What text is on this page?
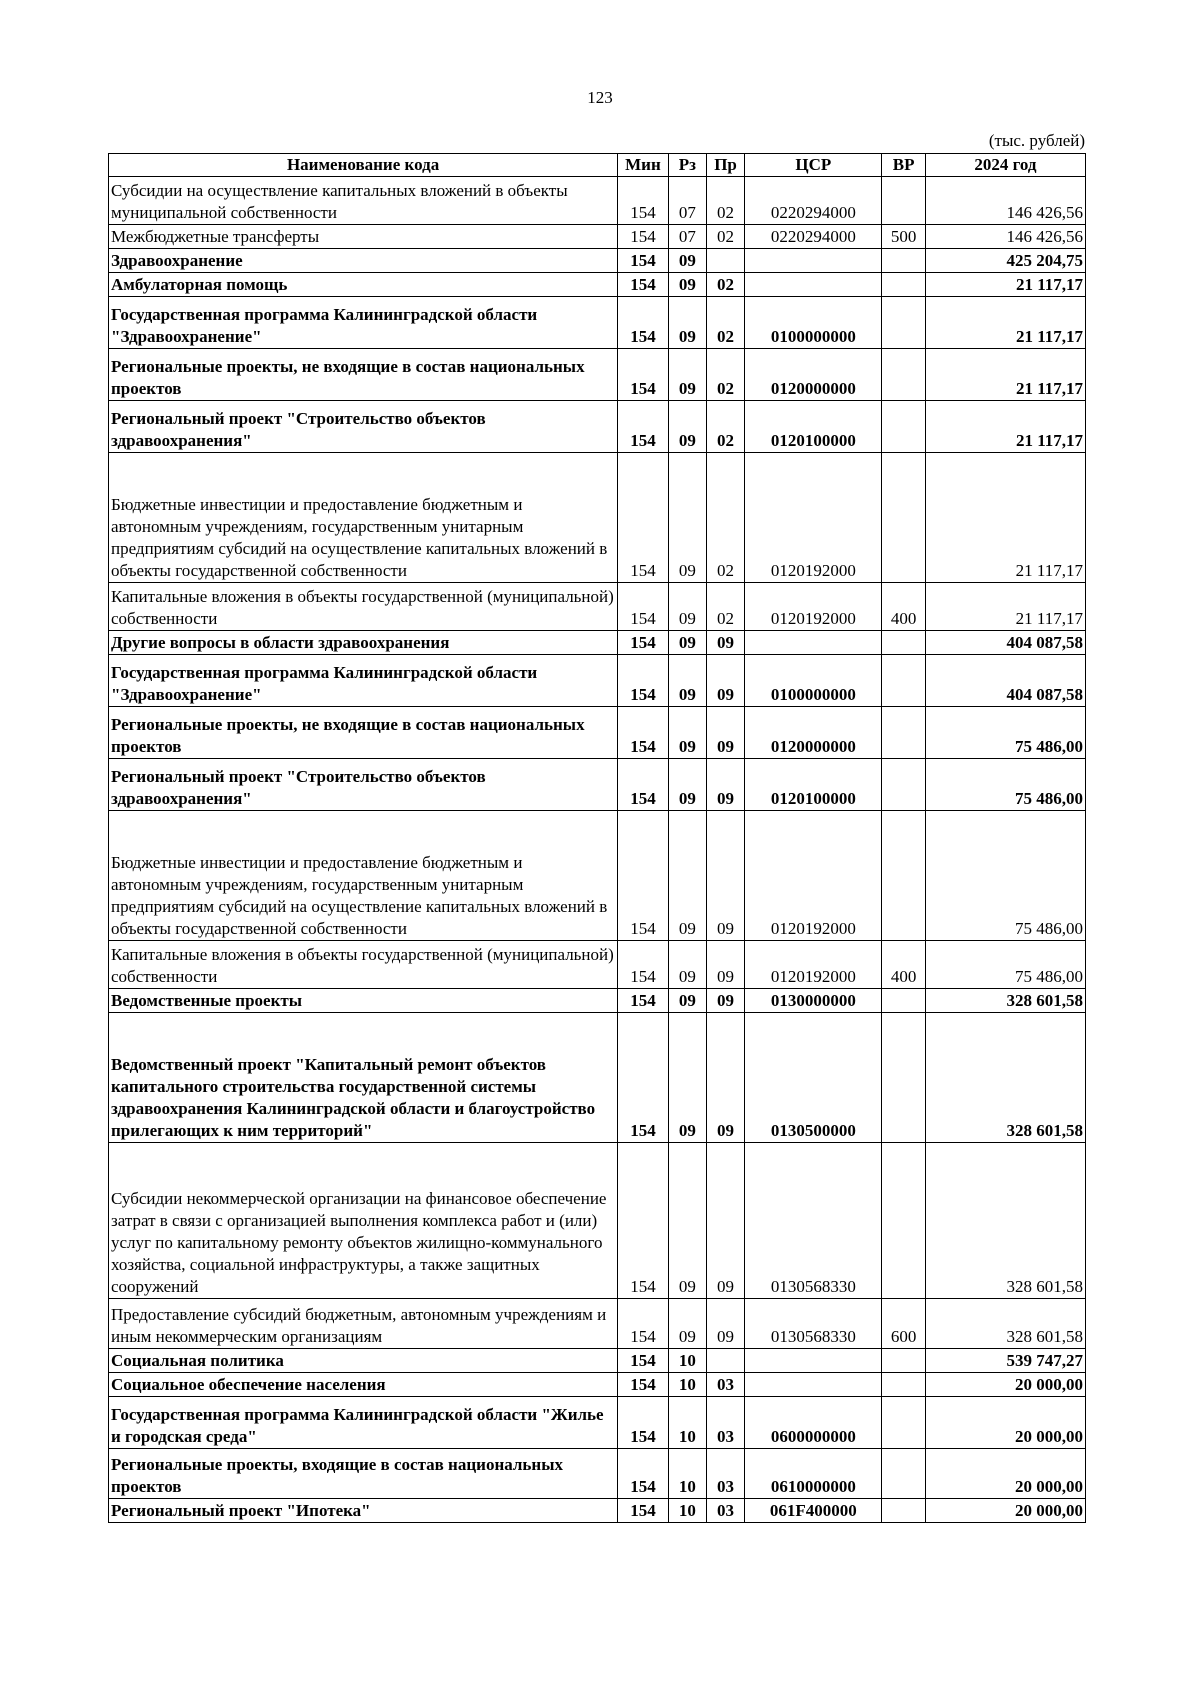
123
(тыс. рублей)
Наименование кода	Мин	Рз	Пр	ЦСР	ВР	2024 год
Субсидии на осуществление капитальных вложений в объекты муниципальной собственности	154	07	02	0220294000		146 426,56
Межбюджетные трансферты	154	07	02	0220294000	500	146 426,56
Здравоохранение	154	09				425 204,75
Амбулаторная помощь	154	09	02			21 117,17
Государственная программа Калининградской области "Здравоохранение"	154	09	02	0100000000		21 117,17
Региональные проекты, не входящие в состав национальных проектов	154	09	02	0120000000		21 117,17
Региональный проект "Строительство объектов здравоохранения"	154	09	02	0120100000		21 117,17
Бюджетные инвестиции и предоставление бюджетным и автономным учреждениям, государственным унитарным предприятиям субсидий на осуществление капитальных вложений в объекты государственной собственности	154	09	02	0120192000		21 117,17
Капитальные вложения в объекты государственной (муниципальной) собственности	154	09	02	0120192000	400	21 117,17
Другие вопросы в области здравоохранения	154	09	09			404 087,58
Государственная программа Калининградской области "Здравоохранение"	154	09	09	0100000000		404 087,58
Региональные проекты, не входящие в состав национальных проектов	154	09	09	0120000000		75 486,00
Региональный проект "Строительство объектов здравоохранения"	154	09	09	0120100000		75 486,00
Бюджетные инвестиции и предоставление бюджетным и автономным учреждениям, государственным унитарным предприятиям субсидий на осуществление капитальных вложений в объекты государственной собственности	154	09	09	0120192000		75 486,00
Капитальные вложения в объекты государственной (муниципальной) собственности	154	09	09	0120192000	400	75 486,00
Ведомственные проекты	154	09	09	0130000000		328 601,58
Ведомственный проект "Капитальный ремонт объектов капитального строительства государственной системы здравоохранения Калининградской области и благоустройство прилегающих к ним территорий"	154	09	09	0130500000		328 601,58
Субсидии некоммерческой организации на финансовое обеспечение затрат в связи с организацией выполнения комплекса работ и (или) услуг по капитальному ремонту объектов жилищно-коммунального хозяйства, социальной инфраструктуры, а также защитных сооружений	154	09	09	0130568330		328 601,58
Предоставление субсидий бюджетным, автономным учреждениям и иным некоммерческим организациям	154	09	09	0130568330	600	328 601,58
Социальная политика	154	10				539 747,27
Социальное обеспечение населения	154	10	03			20 000,00
Государственная программа Калининградской области "Жилье и городская среда"	154	10	03	0600000000		20 000,00
Региональные проекты, входящие в состав национальных проектов	154	10	03	0610000000		20 000,00
Региональный проект "Ипотека"	154	10	03	061F400000		20 000,00
